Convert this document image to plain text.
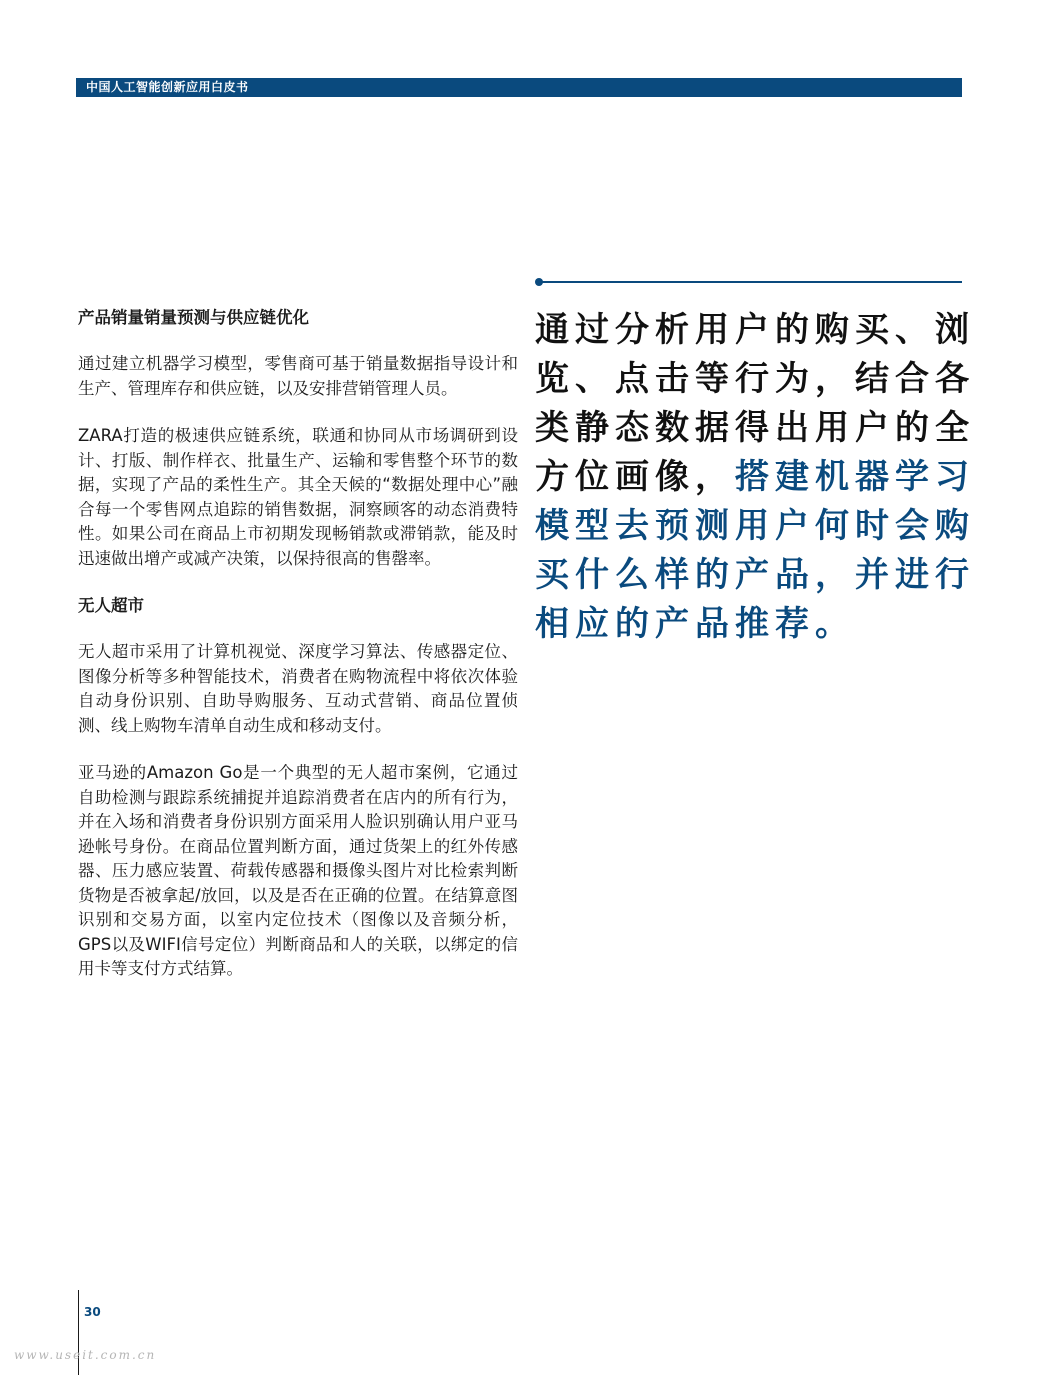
中国人工智能创新应用白皮书
产品销量销量预测与供应链优化

通过建立机器学习模型，零售商可基于销量数据指导设计和生产、管理库存和供应链，以及安排营销管理人员。

ZARA打造的极速供应链系统，联通和协同从市场调研到设计、打版、制作样衣、批量生产、运输和零售整个环节的数据，实现了产品的柔性生产。其全天候的“数据处理中心”融合每一个零售网点追踪的销售数据，洞察顾客的动态消费特性。如果公司在商品上市初期发现畅销款或滞销款，能及时迅速做出增产或减产决策，以保持很高的售罄率。

无人超市

无人超市采用了计算机视觉、深度学习算法、传感器定位、图像分析等多种智能技术，消费者在购物流程中将依次体验自动身份识别、自助导购服务、互动式营销、商品位置侦测、线上购物车清单自动生成和移动支付。

亚马逊的Amazon Go是一个典型的无人超市案例，它通过自助检测与跟踪系统捕捉并追踪消费者在店内的所有行为，并在入场和消费者身份识别方面采用人脸识别确认用户亚马逊帐号身份。在商品位置判断方面，通过货架上的红外传感器、压力感应装置、荷载传感器和摄像头图片对比检索判断货物是否被拿起/放回，以及是否在正确的位置。在结算意图识别和交易方面，以室内定位技术（图像以及音频分析，GPS以及WIFI信号定位）判断商品和人的关联，以绑定的信用卡等支付方式结算。

通过分析用户的购买、浏览、点击等行为，结合各类静态数据得出用户的全方位画像，搭建机器学习模型去预测用户何时会购买什么样的产品，并进行相应的产品推荐。
30
www.useit.com.cn
